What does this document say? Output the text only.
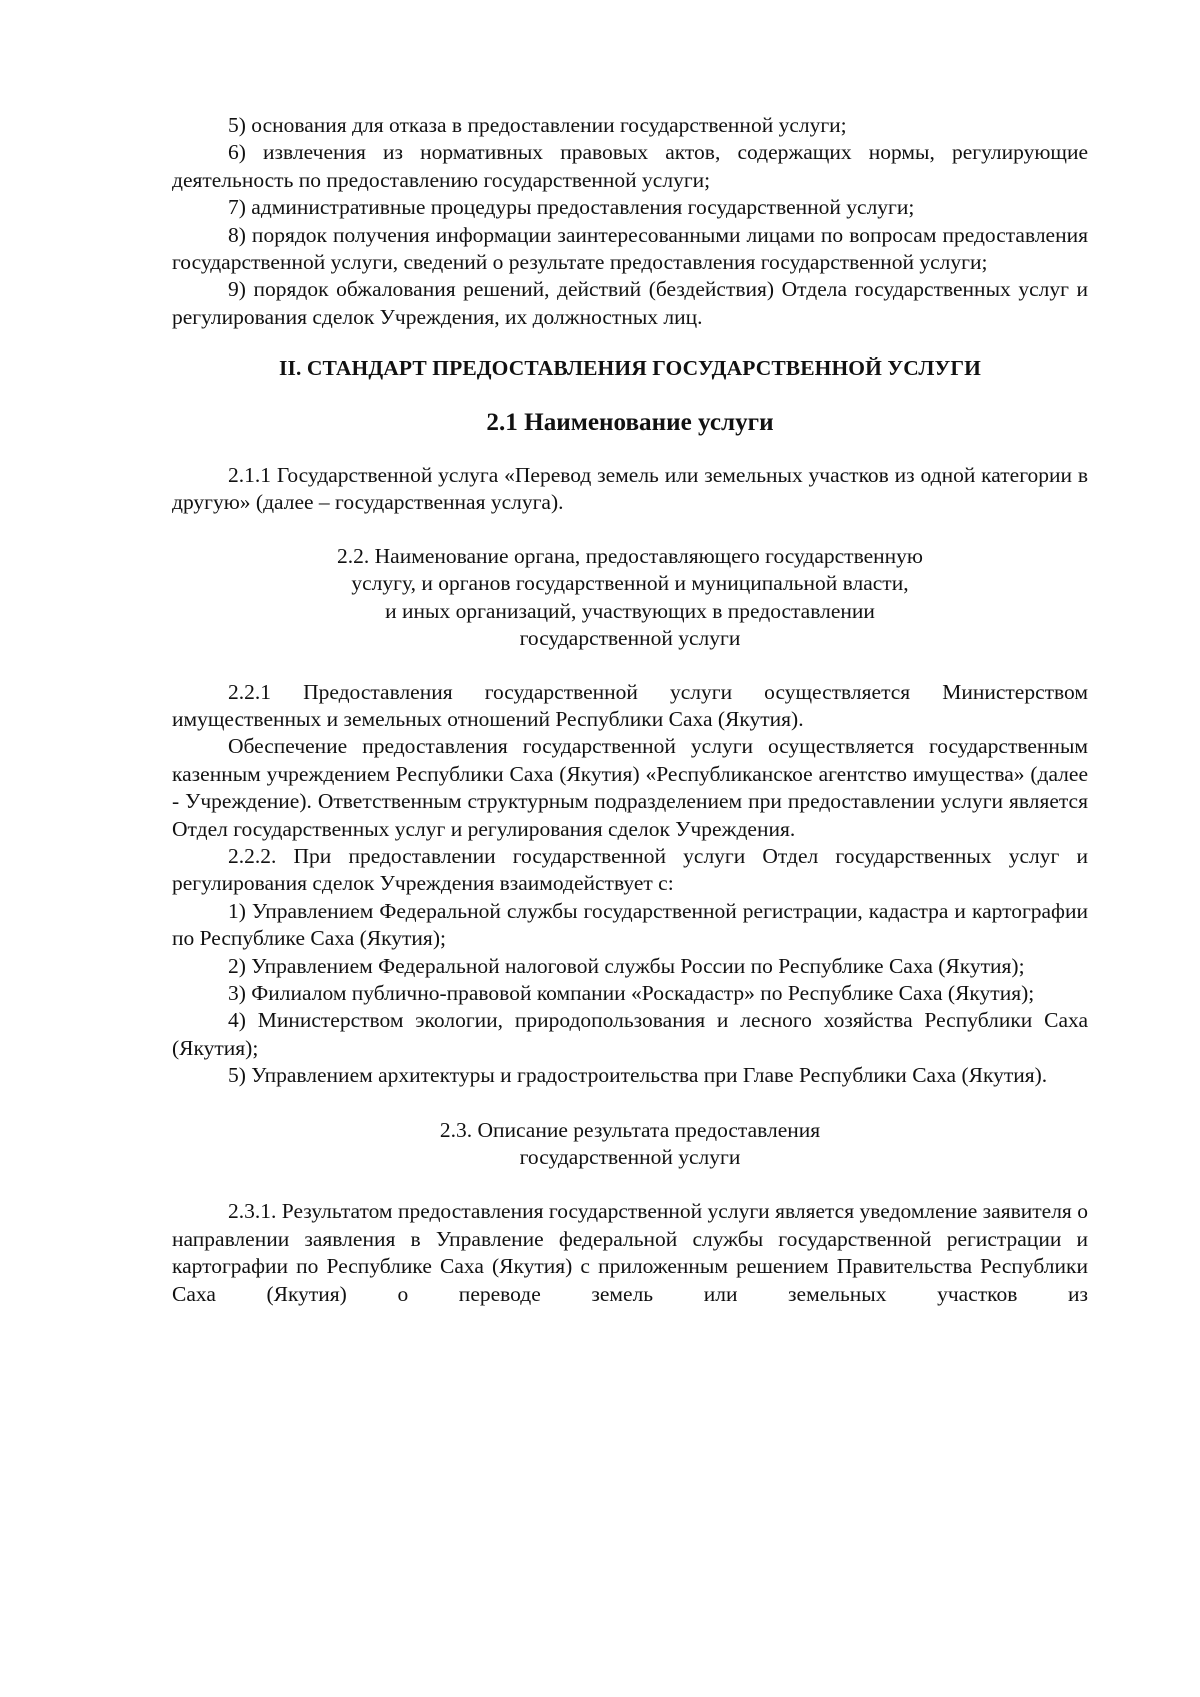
5) основания для отказа в предоставлении государственной услуги;

6) извлечения из нормативных правовых актов, содержащих нормы, регулирующие деятельность по предоставлению государственной услуги;

7) административные процедуры предоставления государственной услуги;

8) порядок получения информации заинтересованными лицами по вопросам предоставления государственной услуги, сведений о результате предоставления государственной услуги;

9) порядок обжалования решений, действий (бездействия) Отдела государственных услуг и регулирования сделок Учреждения, их должностных лиц.

II. СТАНДАРТ ПРЕДОСТАВЛЕНИЯ ГОСУДАРСТВЕННОЙ УСЛУГИ
2.1 Наименование услуги

2.1.1 Государственной услуга «Перевод земель или земельных участков из одной категории в другую» (далее – государственная услуга).

2.2. Наименование органа, предоставляющего государственную
услугу, и органов государственной и муниципальной власти,
и иных организаций, участвующих в предоставлении
государственной услуги

2.2.1 Предоставления государственной услуги осуществляется Министерством имущественных и земельных отношений Республики Саха (Якутия).

Обеспечение предоставления государственной услуги осуществляется государственным казенным учреждением Республики Саха (Якутия) «Республиканское агентство имущества» (далее - Учреждение). Ответственным структурным подразделением при предоставлении услуги является Отдел государственных услуг и регулирования сделок Учреждения.

2.2.2. При предоставлении государственной услуги Отдел государственных услуг и регулирования сделок Учреждения взаимодействует с:

1) Управлением Федеральной службы государственной регистрации, кадастра и картографии по Республике Саха (Якутия);

2) Управлением Федеральной налоговой службы России по Республике Саха (Якутия);

3) Филиалом публично-правовой компании «Роскадастр» по Республике Саха (Якутия);

4) Министерством экологии, природопользования и лесного хозяйства Республики Саха (Якутия);

5) Управлением архитектуры и градостроительства при Главе Республики Саха (Якутия).

2.3. Описание результата предоставления
государственной услуги

2.3.1. Результатом предоставления государственной услуги является уведомление заявителя о направлении заявления в Управление федеральной службы государственной регистрации и картографии по Республике Саха (Якутия) с приложенным решением Правительства Республики Саха (Якутия) о переводе земель или земельных участков из
